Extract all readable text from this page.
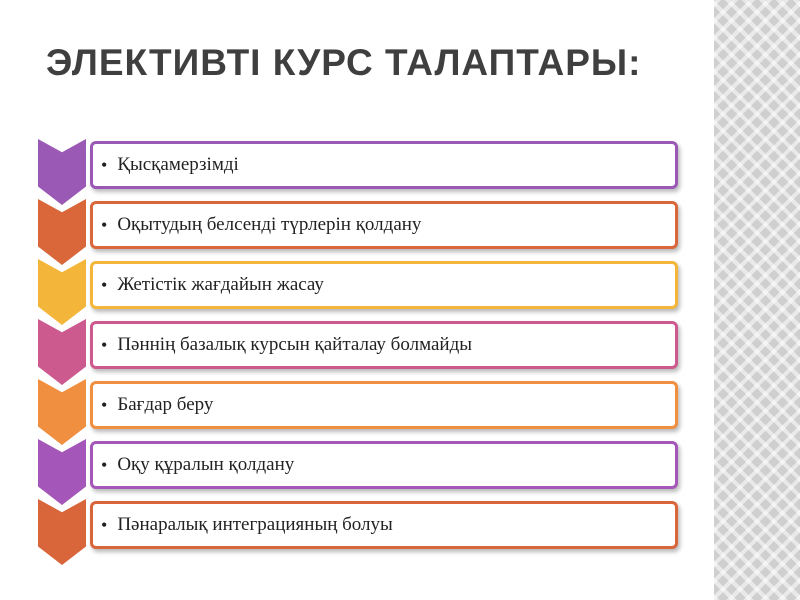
ЭЛЕКТИВТІ КУРС ТАЛАПТАРЫ:
• Қысқамерзімді
• Оқытудың белсенді түрлерін қолдану
• Жетістік жағдайын жасау
• Пәннің базалық курсын қайталау болмайды
• Бағдар беру
• Оқу құралын қолдану
• Пәнаралық интеграцияның болуы
